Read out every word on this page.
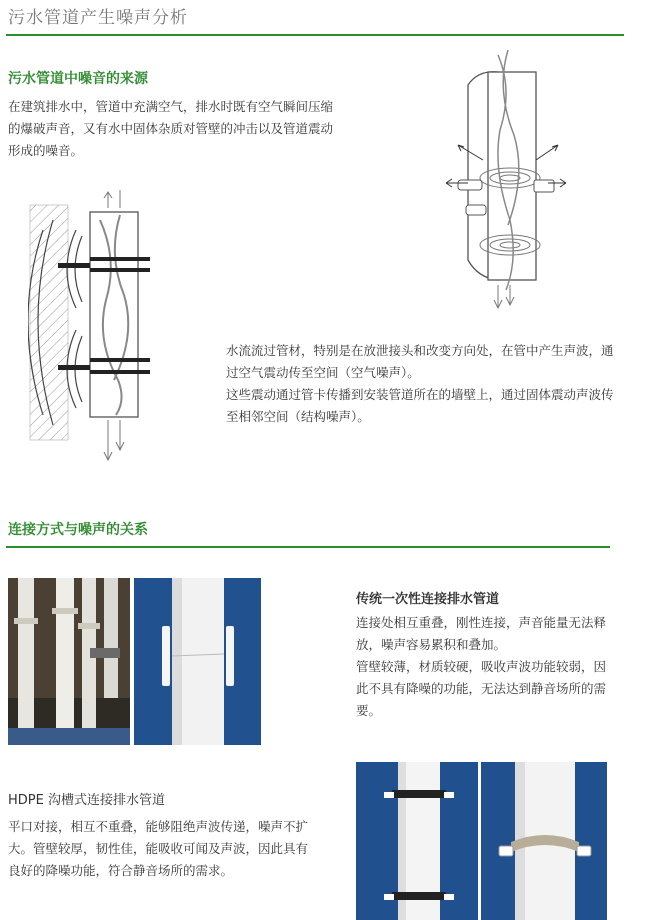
污水管道产生噪声分析
污水管道中噪音的来源

在建筑排水中，管道中充满空气，排水时既有空气瞬间压缩的爆破声音，又有水中固体杂质对管壁的冲击以及管道震动形成的噪音。

水流流过管材，特别是在放泄接头和改变方向处，在管中产生声波，通过空气震动传至空间（空气噪声）。

这些震动通过管卡传播到安装管道所在的墙壁上，通过固体震动声波传至相邻空间（结构噪声）。

连接方式与噪声的关系
传统一次性连接排水管道

连接处相互重叠，刚性连接，声音能量无法释放，噪声容易累积和叠加。

管壁较薄，材质较硬，吸收声波功能较弱，因此不具有降噪的功能，无法达到静音场所的需要。

HDPE 沟槽式连接排水管道

平口对接，相互不重叠，能够阻绝声波传递，噪声不扩大。管壁较厚，韧性佳，能吸收可闻及声波，因此具有良好的降噪功能，符合静音场所的需求。
